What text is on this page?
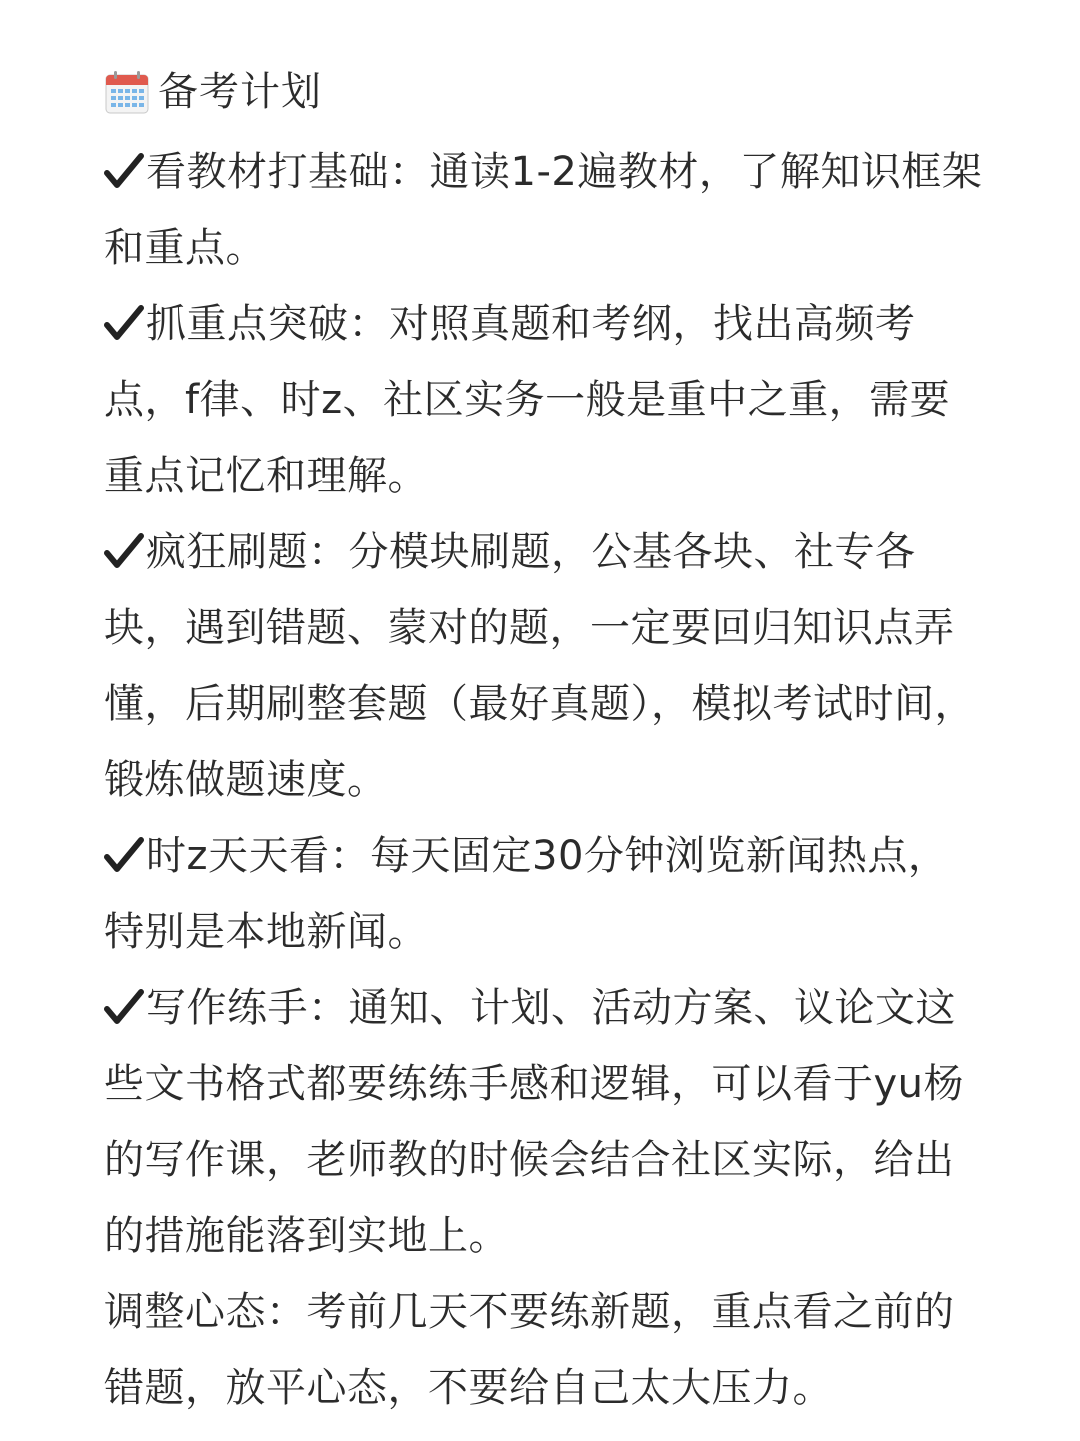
备考计划

看教材打基础：通读1-2遍教材，了解知识框架和重点。

抓重点突破：对照真题和考纲，找出高频考点，f律、时z、社区实务一般是重中之重，需要重点记忆和理解。

疯狂刷题：分模块刷题，公基各块、社专各块，遇到错题、蒙对的题，一定要回归知识点弄懂，后期刷整套题（最好真题），模拟考试时间，锻炼做题速度。

时z天天看：每天固定30分钟浏览新闻热点，特别是本地新闻。

写作练手：通知、计划、活动方案、议论文这些文书格式都要练练手感和逻辑，可以看于yu杨的写作课，老师教的时候会结合社区实际，给出的措施能落到实地上。

调整心态：考前几天不要练新题，重点看之前的错题，放平心态，不要给自己太大压力。
